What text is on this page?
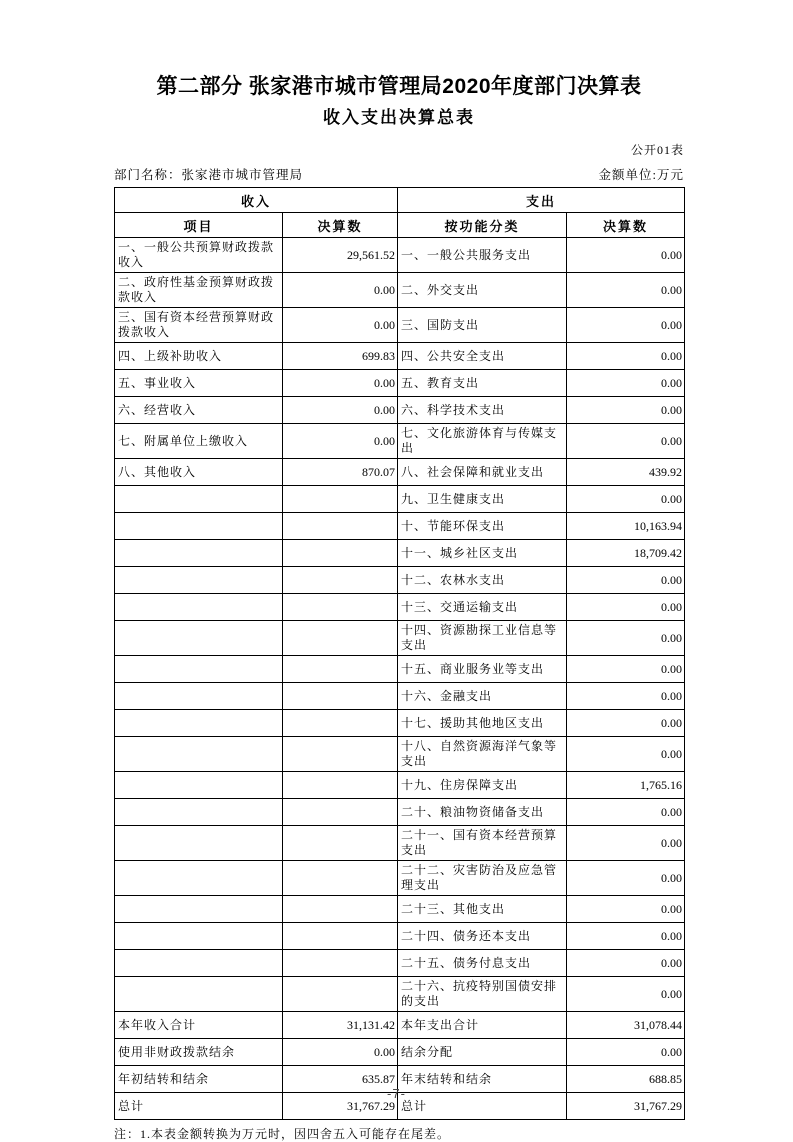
第二部分 张家港市城市管理局2020年度部门决算表
收入支出决算总表
公开01表
部门名称：张家港市城市管理局	金额单位:万元
收入		支出	
项目	决算数	按功能分类	决算数
一、一般公共预算财政拨款收入	29,561.52	一、一般公共服务支出	0.00
二、政府性基金预算财政拨款收入	0.00	二、外交支出	0.00
三、国有资本经营预算财政拨款收入	0.00	三、国防支出	0.00
四、上级补助收入	699.83	四、公共安全支出	0.00
五、事业收入	0.00	五、教育支出	0.00
六、经营收入	0.00	六、科学技术支出	0.00
七、附属单位上缴收入	0.00	七、文化旅游体育与传媒支出	0.00
八、其他收入	870.07	八、社会保障和就业支出	439.92
		九、卫生健康支出	0.00
		十、节能环保支出	10,163.94
		十一、城乡社区支出	18,709.42
		十二、农林水支出	0.00
		十三、交通运输支出	0.00
		十四、资源勘探工业信息等支出	0.00
		十五、商业服务业等支出	0.00
		十六、金融支出	0.00
		十七、援助其他地区支出	0.00
		十八、自然资源海洋气象等支出	0.00
		十九、住房保障支出	1,765.16
		二十、粮油物资储备支出	0.00
		二十一、国有资本经营预算支出	0.00
		二十二、灾害防治及应急管理支出	0.00
		二十三、其他支出	0.00
		二十四、债务还本支出	0.00
		二十五、债务付息支出	0.00
		二十六、抗疫特别国债安排的支出	0.00
本年收入合计	31,131.42	本年支出合计	31,078.44
使用非财政拨款结余	0.00	结余分配	0.00
年初结转和结余	635.87	年末结转和结余	688.85
总计	31,767.29	总计	31,767.29
注：1.本表金额转换为万元时，因四舍五入可能存在尾差。
-7-
